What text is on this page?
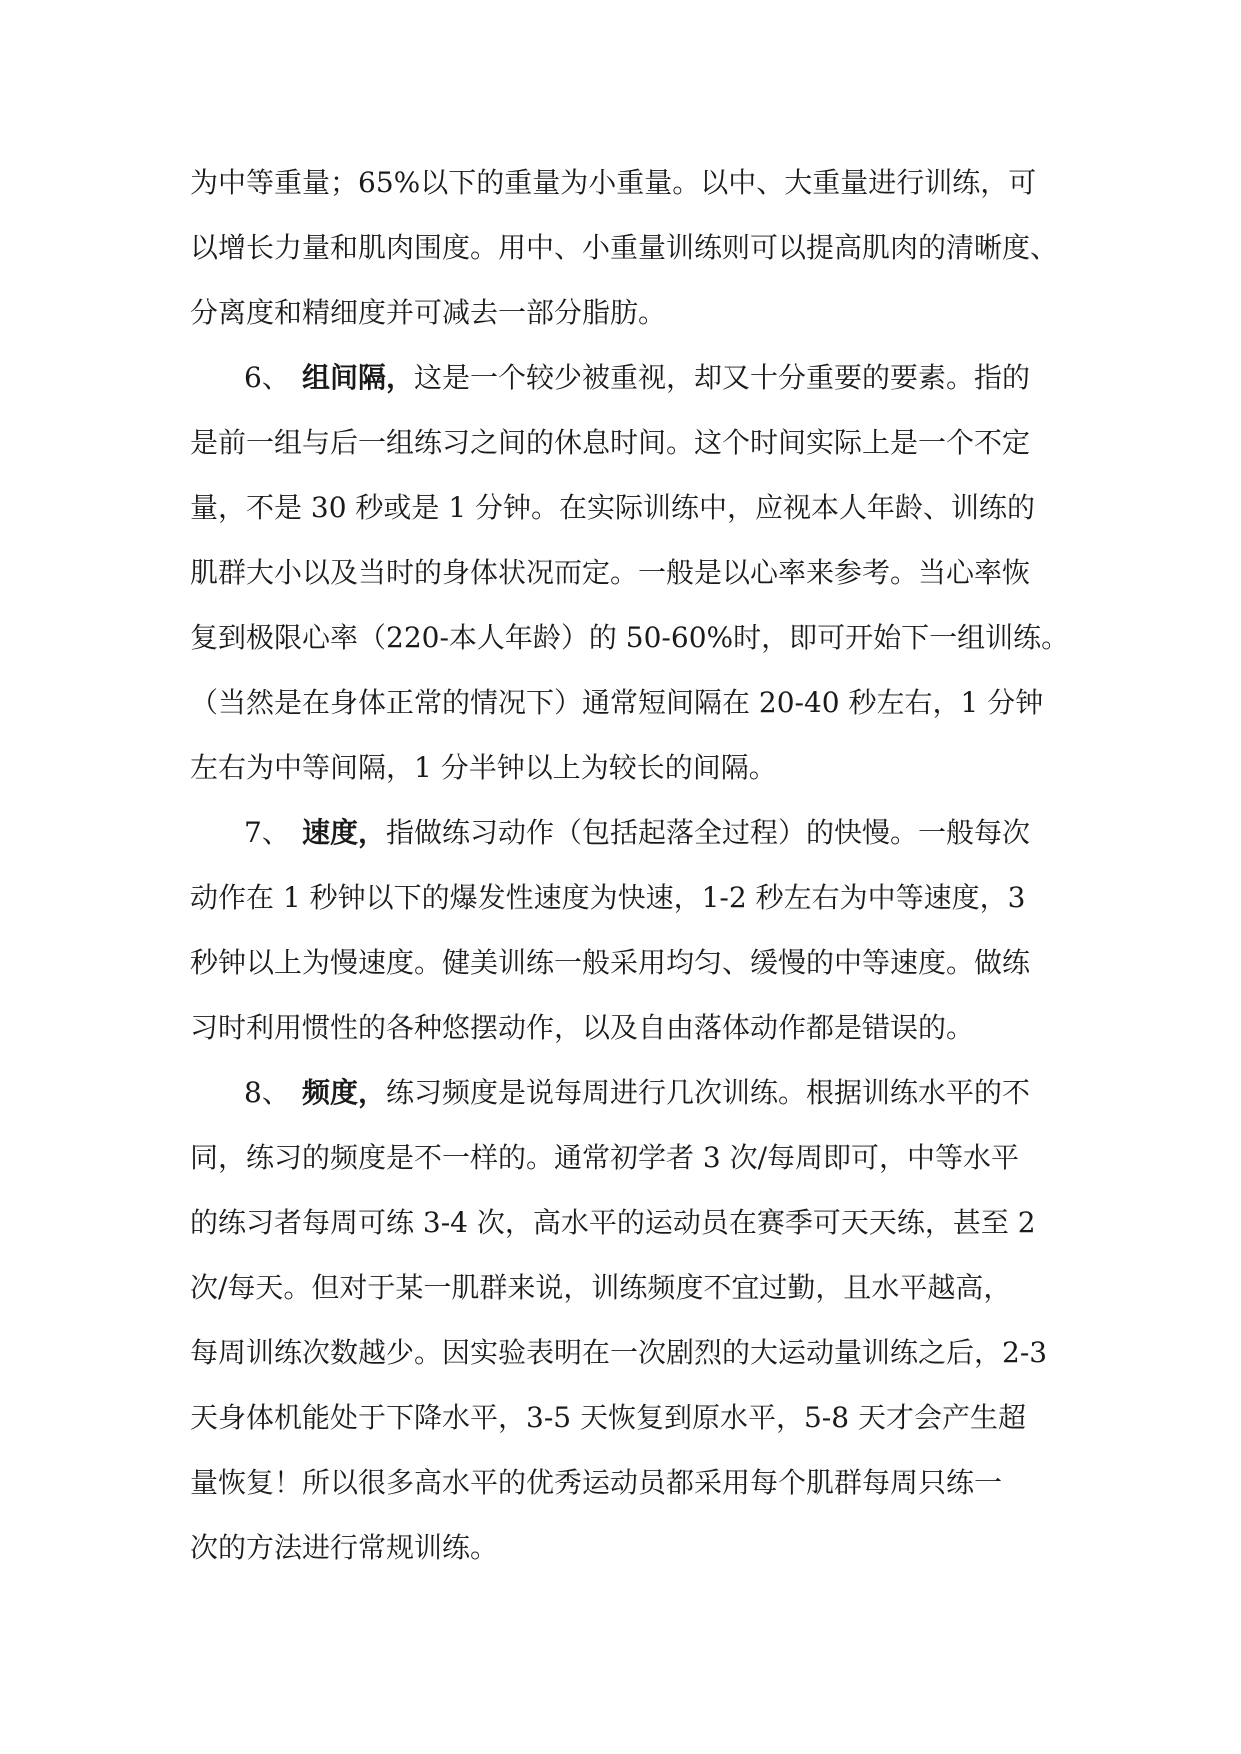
为中等重量；65%以下的重量为小重量。以中、大重量进行训练，可
以增长力量和肌肉围度。用中、小重量训练则可以提高肌肉的清晰度、
分离度和精细度并可减去一部分脂肪。
6、 组间隔，这是一个较少被重视，却又十分重要的要素。指的
是前一组与后一组练习之间的休息时间。这个时间实际上是一个不定
量，不是 30 秒或是 1 分钟。在实际训练中，应视本人年龄、训练的
肌群大小以及当时的身体状况而定。一般是以心率来参考。当心率恢
复到极限心率（220-本人年龄）的 50-60%时，即可开始下一组训练。
（当然是在身体正常的情况下）通常短间隔在 20-40 秒左右，1 分钟
左右为中等间隔，1 分半钟以上为较长的间隔。
7、 速度，指做练习动作（包括起落全过程）的快慢。一般每次
动作在 1 秒钟以下的爆发性速度为快速，1-2 秒左右为中等速度，3
秒钟以上为慢速度。健美训练一般采用均匀、缓慢的中等速度。做练
习时利用惯性的各种悠摆动作，以及自由落体动作都是错误的。
8、 频度，练习频度是说每周进行几次训练。根据训练水平的不
同，练习的频度是不一样的。通常初学者 3 次/每周即可，中等水平
的练习者每周可练 3-4 次，高水平的运动员在赛季可天天练，甚至 2
次/每天。但对于某一肌群来说，训练频度不宜过勤，且水平越高，
每周训练次数越少。因实验表明在一次剧烈的大运动量训练之后，2-3
天身体机能处于下降水平，3-5 天恢复到原水平，5-8 天才会产生超
量恢复！所以很多高水平的优秀运动员都采用每个肌群每周只练一
次的方法进行常规训练。
